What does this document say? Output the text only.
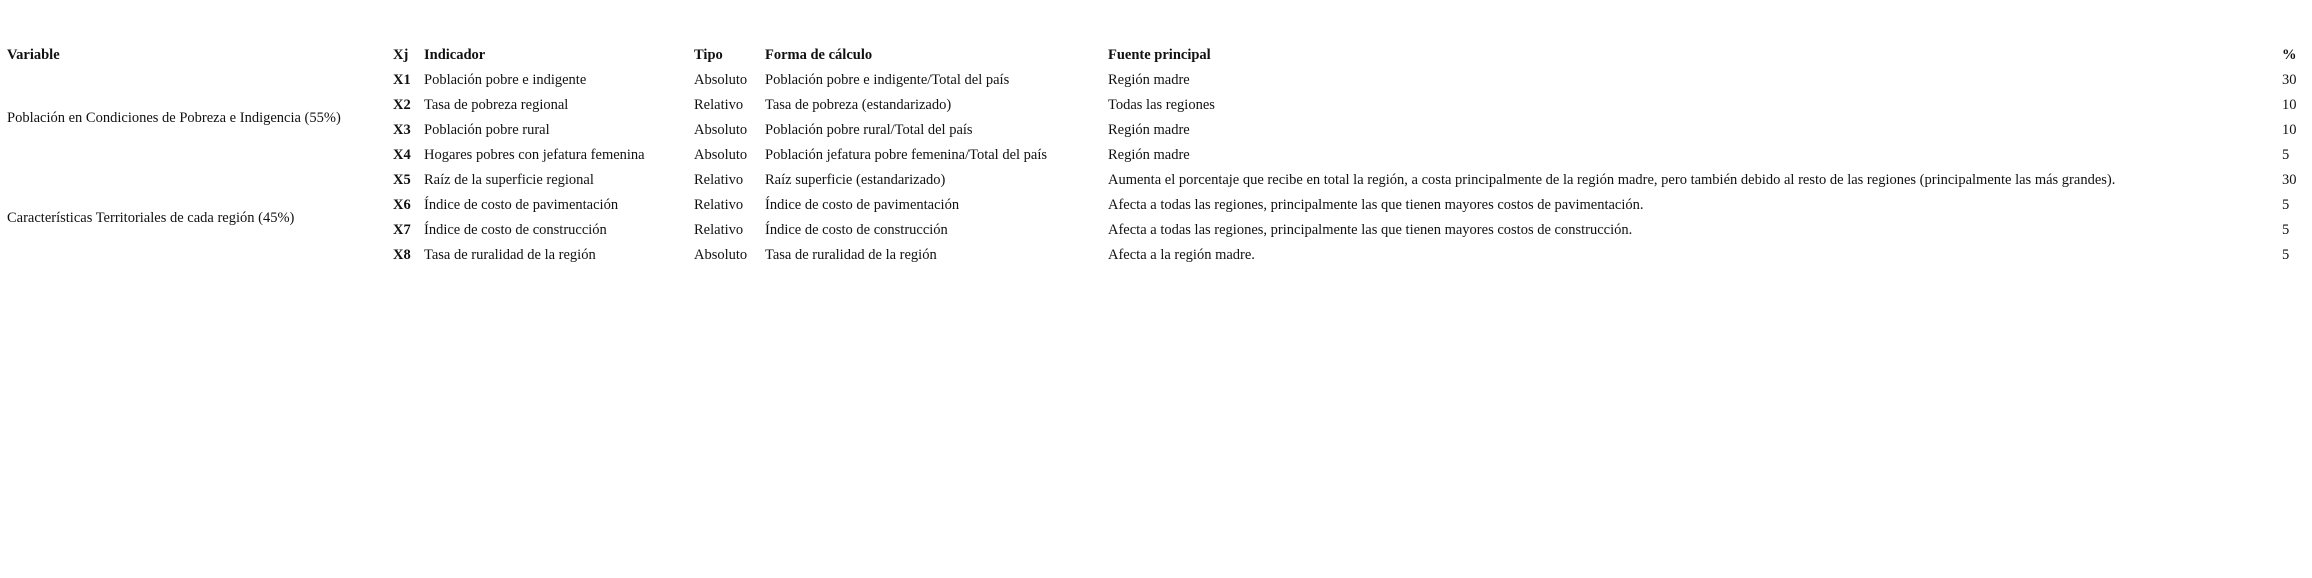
Variable	Xj	Indicador	Tipo	Forma de cálculo	Fuente principal	%
Población en Condiciones de Pobreza e Indigencia (55%)	X1	Población pobre e indigente	Absoluto	Población pobre e indigente/Total del país	Región madre	30
	X2	Tasa de pobreza regional	Relativo	Tasa de pobreza (estandarizado)	Todas las regiones	10
	X3	Población pobre rural	Absoluto	Población pobre rural/Total del país	Región madre	10
	X4	Hogares pobres con jefatura femenina	Absoluto	Población jefatura pobre femenina/Total del país	Región madre	5
Características Territoriales de cada región (45%)	X5	Raíz de la superficie regional	Relativo	Raíz superficie (estandarizado)	Aumenta el porcentaje que recibe en total la región, a costa principalmente de la región madre, pero también debido al resto de las regiones (principalmente las más grandes).	30
	X6	Índice de costo de pavimentación	Relativo	Índice de costo de pavimentación	Afecta a todas las regiones, principalmente las que tienen mayores costos de pavimentación.	5
	X7	Índice de costo de construcción	Relativo	Índice de costo de construcción	Afecta a todas las regiones, principalmente las que tienen mayores costos de construcción.	5
	X8	Tasa de ruralidad de la región	Absoluto	Tasa de ruralidad de la región	Afecta a la región madre.	5
